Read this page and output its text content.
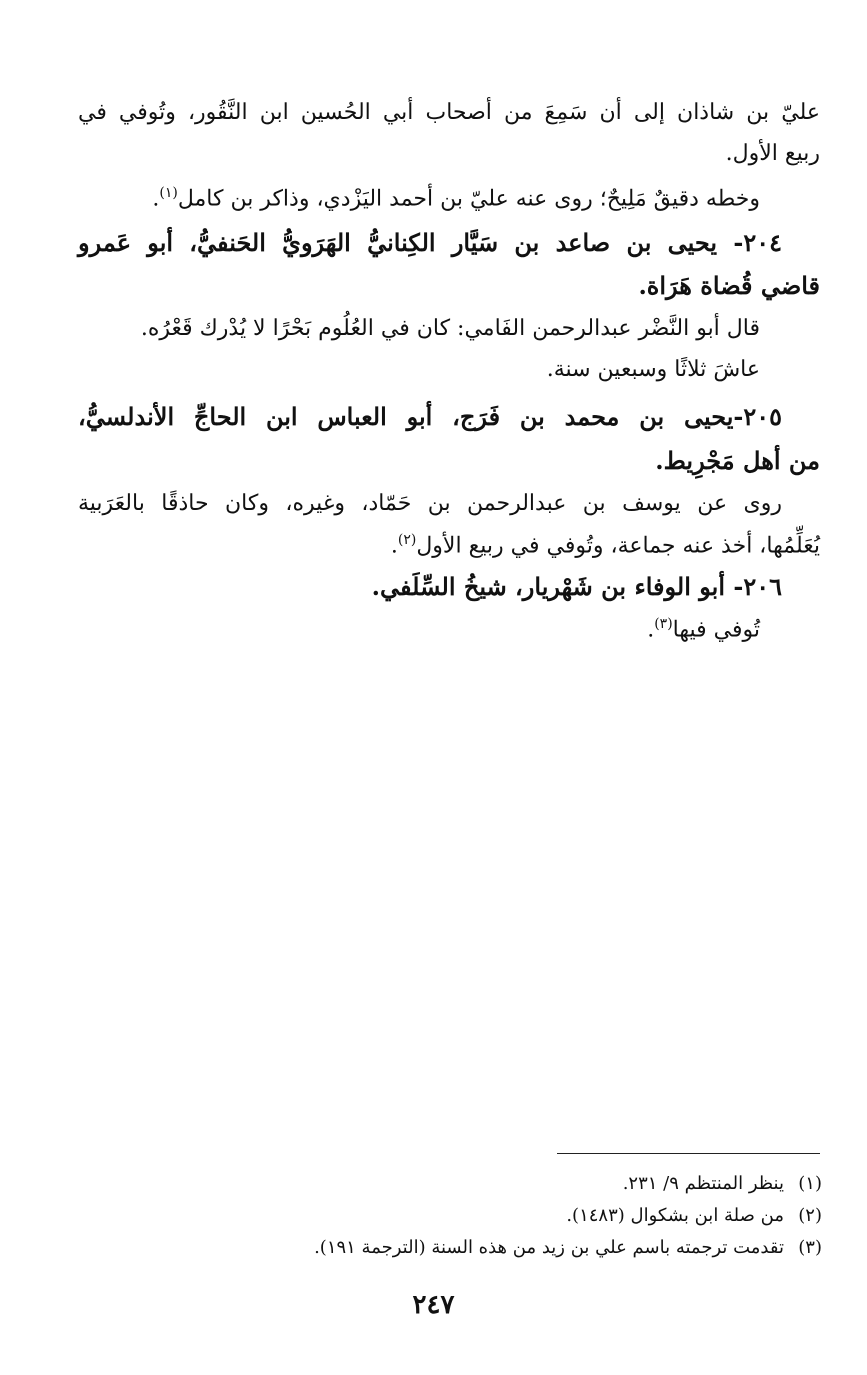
عليّ بن شاذان إلى أن سَمِعَ من أصحاب أبي الحُسين ابن النَّقُور، وتُوفي في
ربيع الأول.
وخطه دقيقٌ مَلِيحٌ؛ روى عنه عليّ بن أحمد اليَزْدي، وذاكر بن كامل$^{(١)}$.
٢٠٤- يحيى بن صاعد بن سَيَّار الكِنانيُّ الهَرَويُّ الحَنفيُّ، أبو عَمرو
قاضي قُضاة هَرَاة.
قال أبو النَّضْر عبدالرحمن الفَامي: كان في العُلُوم بَحْرًا لا يُدْرك قَعْرُه.
عاشَ ثلاثًا وسبعين سنة.
٢٠٥-يحيى بن محمد بن فَرَج، أبو العباس ابن الحاجِّ الأندلسيُّ،
من أهل مَجْرِيط.
روى عن يوسف بن عبدالرحمن بن حَمّاد، وغيره، وكان حاذقًا بالعَرَبية
يُعَلِّمُها، أخذ عنه جماعة، وتُوفي في ربيع الأول$^{(٢)}$.
٢٠٦- أبو الوفاء بن شَهْريار، شيخُ السِّلَفي.
تُوفي فيها$^{(٣)}$.
(١)ينظر المنتظم ٩/ ٢٣١.
(٢)من صلة ابن بشكوال (١٤٨٣).
(٣)تقدمت ترجمته باسم علي بن زيد من هذه السنة (الترجمة ١٩١).
٢٤٧
